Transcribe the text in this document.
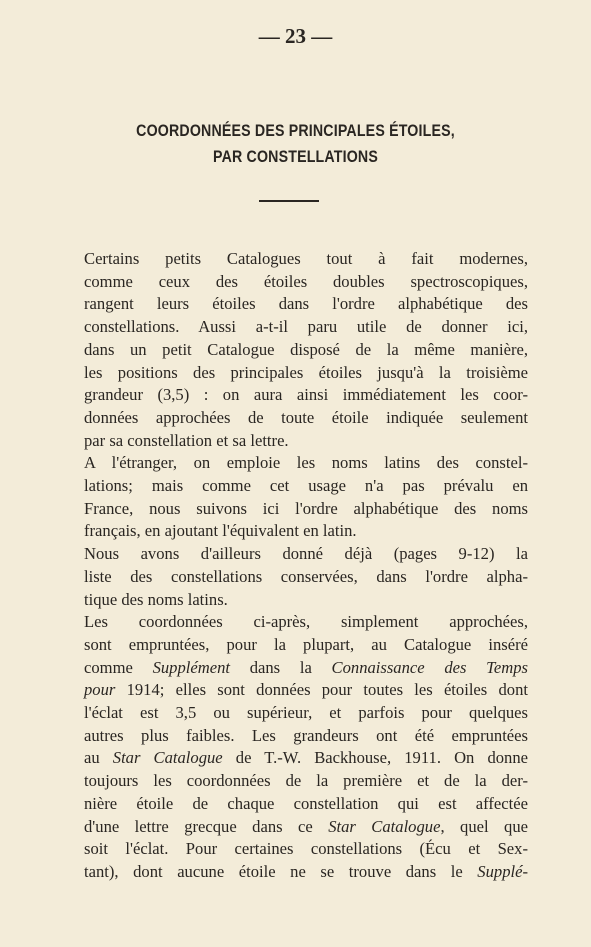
— 23 —
COORDONNÉES DES PRINCIPALES ÉTOILES,
PAR CONSTELLATIONS

Certains petits Catalogues tout à fait modernes,
comme ceux des étoiles doubles spectroscopiques,
rangent leurs étoiles dans l'ordre alphabétique des
constellations. Aussi a-t-il paru utile de donner ici,
dans un petit Catalogue disposé de la même manière,
les positions des principales étoiles jusqu'à la troisième
grandeur (3,5) : on aura ainsi immédiatement les coor-
données approchées de toute étoile indiquée seulement
par sa constellation et sa lettre.

A l'étranger, on emploie les noms latins des constel-
lations; mais comme cet usage n'a pas prévalu en
France, nous suivons ici l'ordre alphabétique des noms
français, en ajoutant l'équivalent en latin.

Nous avons d'ailleurs donné déjà (pages 9-12) la
liste des constellations conservées, dans l'ordre alpha-
tique des noms latins.

Les coordonnées ci-après, simplement approchées,
sont empruntées, pour la plupart, au Catalogue inséré
comme Supplément dans la Connaissance des Temps
pour 1914; elles sont données pour toutes les étoiles dont
l'éclat est 3,5 ou supérieur, et parfois pour quelques
autres plus faibles. Les grandeurs ont été empruntées
au Star Catalogue de T.-W. Backhouse, 1911. On donne
toujours les coordonnées de la première et de la der-
nière étoile de chaque constellation qui est affectée
d'une lettre grecque dans ce Star Catalogue, quel que
soit l'éclat. Pour certaines constellations (Écu et Sex-
tant), dont aucune étoile ne se trouve dans le Supplé-
